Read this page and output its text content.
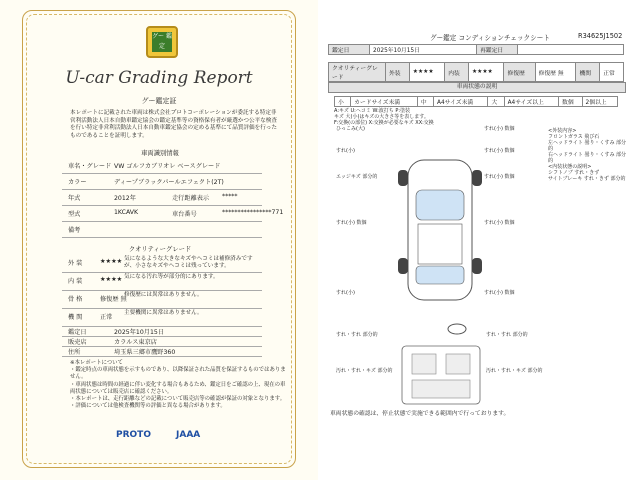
グー 鑑定
U-car Grading Report
グー鑑定証
本レポートに記載された車両は株式会社プロトコーポレーションが委託する特定非営利活動法人日本自動車鑑定協会の鑑定基準等の資格保有者が厳選かつ公平な検査を行い特定非営利活動法人日本自動車鑑定協会の定める基準にて品質評価を行ったものであることを証明します。
車両識別情報
車名・グレード VW ゴルフカブリオレ ベースグレード
カラー	ディープブラックパールエフェクト(2T)
年式	2012年	走行距離表示 *****
型式	1KCAVK	車台番号	****************771
備考
クオリティーグレード
外 装	★★★★ 気になるような大きなキズやヘコミは補修済みですが、小さなキズやヘコミは残っています。
内 装	★★★★ 気になる汚れ等が部分的にあります。
骨 格	修復歴 無
修復歴には異常はありません。
機 関	正常
主要機関に異常はありません。
鑑定日	2025年10月15日
販売店	カラルス東京店
住所	埼玉県三郷市鷹野360
※本レポートについて
・鑑定時点の車両状態を示すものであり、以降保証された品質を保証するものではありません。
・車両状態は時間の経過に伴い変化する場合もあるため、鑑定日をご確認の上、現在の車両状態については販売店に確認ください。
・本レポートは、走行距離などの記載について販売店等の確認が保証の対象となります。
・評価については他検査機関等の評価と異なる場合があります。
PROTO	JAAA
グー鑑定 コンディションチェックシート	R34625J1502
鑑定日	2025年10月15日	再鑑定日	
クオリティーグレード	外装	★★★★	内装	★★★★	修復歴	修復歴 無	機関	正常
車両状態の説明
小	カードサイズ未満	中	A4サイズ未満	大	A4サイズ以上	数個	2個以上
A:キズ U:ヘコミ W:波打ち P:塗装
キズ 大(小)はキズの大きさ等を表します。
F:交換(の部位) X:交換が必要なキズ XX:交換
<外装内容>
フロントガラス 飛び石
左ヘッドライト 曇り・くすみ 部分的
右ヘッドライト 曇り・くすみ 部分的
<内装状態の説明>
シフトノブ すれ・きず
サイトブレーキ すれ・きず 部分的
ひっこみ(大)	すれ(小) 数個
すれ(小)	すれ(小) 数個
エッジキズ 部分的	すれ(小) 数個
すれ(小) 数個	すれ(小) 数個
すれ(小)	すれ(小) 数個
すれ・すれ 部分的	すれ・すれ 部分的
汚れ・すれ・キズ 部分的	汚れ・すれ・キズ 部分的
車両状態の確認は、停止状態で実施できる範囲内で行っております。
